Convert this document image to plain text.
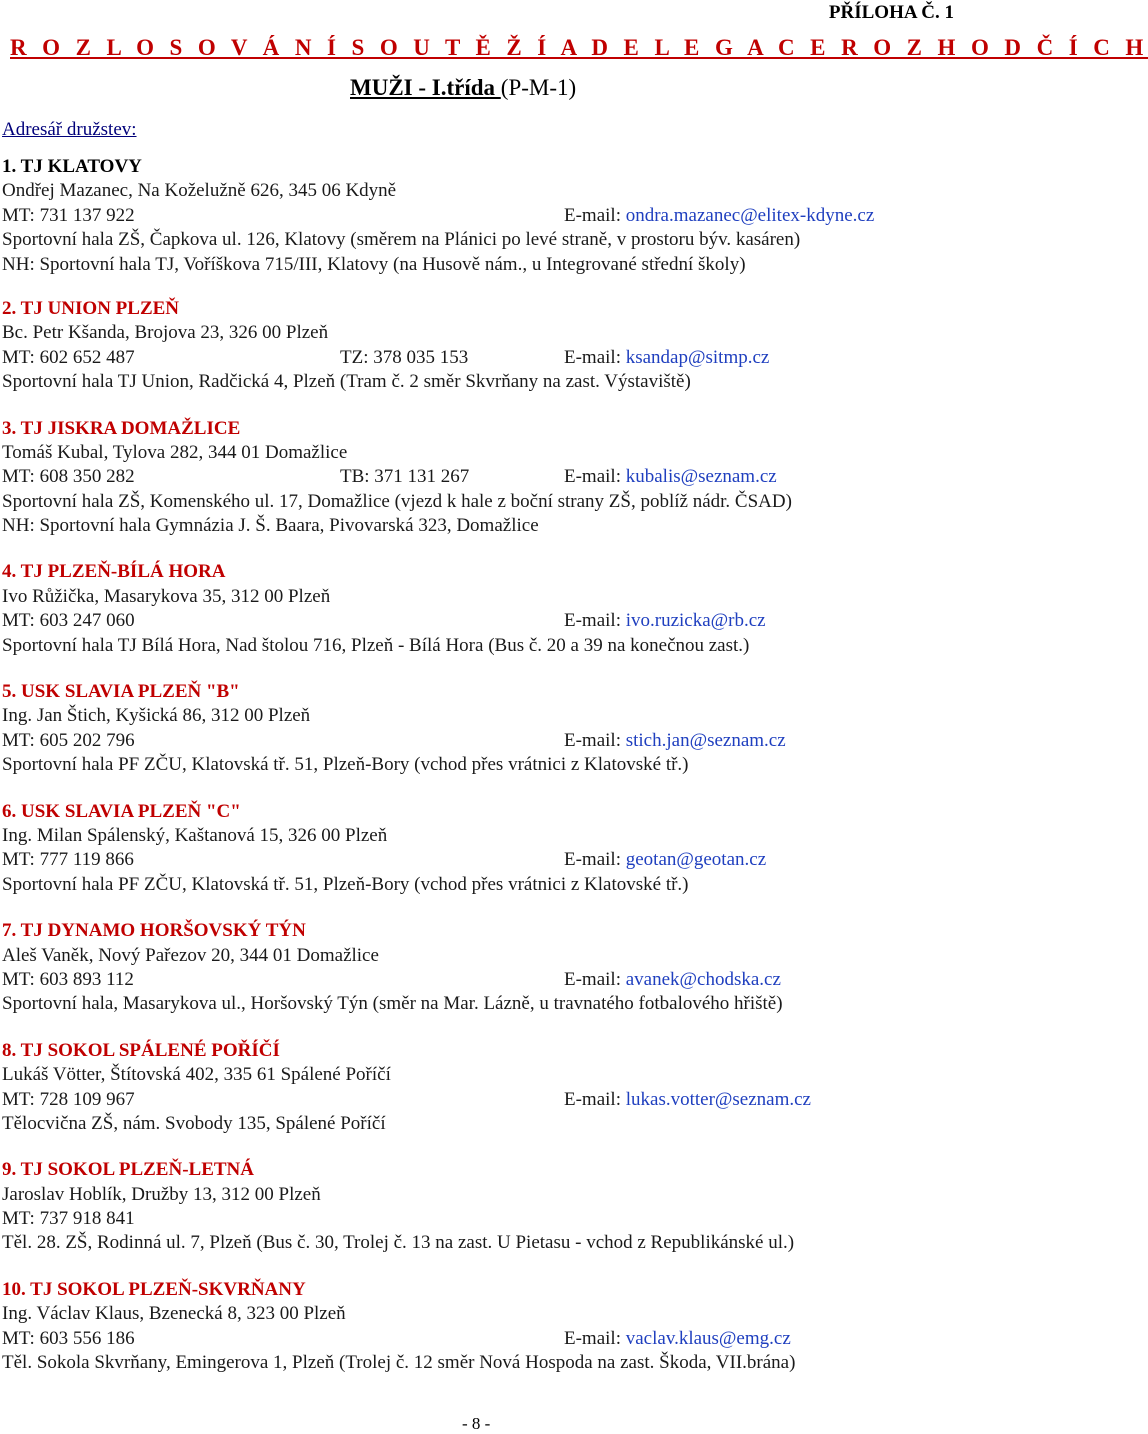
PŘÍLOHA Č. 1
R O Z L O S O V Á N Í S O U T Ě Ž Í A D E L E G A C E R O Z H O D Č Í C H
MUŽI - I.třída (P-M-1)
Adresář družstev:
1. TJ KLATOVY
Ondřej Mazanec, Na Koželužně 626, 345 06 Kdyně
MT: 731 137 922	E-mail: ondra.mazanec@elitex-kdyne.cz
Sportovní hala ZŠ, Čapkova ul. 126, Klatovy (směrem na Plánici po levé straně, v prostoru býv. kasáren)
NH: Sportovní hala TJ, Voříškova 715/III, Klatovy (na Husově nám., u Integrované střední školy)
2. TJ UNION PLZEŇ
Bc. Petr Kšanda, Brojova 23, 326 00 Plzeň
MT: 602 652 487	TZ: 378 035 153	E-mail: ksandap@sitmp.cz
Sportovní hala TJ Union, Radčická 4, Plzeň (Tram č. 2 směr Skvrňany na zast. Výstaviště)
3. TJ JISKRA DOMAŽLICE
Tomáš Kubal, Tylova 282, 344 01 Domažlice
MT: 608 350 282	TB: 371 131 267	E-mail: kubalis@seznam.cz
Sportovní hala ZŠ, Komenského ul. 17, Domažlice (vjezd k hale z boční strany ZŠ, poblíž nádr. ČSAD)
NH: Sportovní hala Gymnázia J. Š. Baara, Pivovarská 323, Domažlice
4. TJ PLZEŇ-BÍLÁ HORA
Ivo Růžička, Masarykova 35, 312 00 Plzeň
MT: 603 247 060	E-mail: ivo.ruzicka@rb.cz
Sportovní hala TJ Bílá Hora, Nad štolou 716, Plzeň - Bílá Hora (Bus č. 20 a 39 na konečnou zast.)
5. USK SLAVIA PLZEŇ "B"
Ing. Jan Štich, Kyšická 86, 312 00 Plzeň
MT: 605 202 796	E-mail: stich.jan@seznam.cz
Sportovní hala PF ZČU, Klatovská tř. 51, Plzeň-Bory (vchod přes vrátnici z Klatovské tř.)
6. USK SLAVIA PLZEŇ "C"
Ing. Milan Spálenský, Kaštanová 15, 326 00 Plzeň
MT: 777 119 866	E-mail: geotan@geotan.cz
Sportovní hala PF ZČU, Klatovská tř. 51, Plzeň-Bory (vchod přes vrátnici z Klatovské tř.)
7. TJ DYNAMO HORŠOVSKÝ TÝN
Aleš Vaněk, Nový Pařezov 20, 344 01 Domažlice
MT: 603 893 112	E-mail: avanek@chodska.cz
Sportovní hala, Masarykova ul., Horšovský Týn (směr na Mar. Lázně, u travnatého fotbalového hřiště)
8. TJ SOKOL SPÁLENÉ POŘÍČÍ
Lukáš Vötter, Štítovská 402, 335 61 Spálené Poříčí
MT: 728 109 967	E-mail: lukas.votter@seznam.cz
Tělocvična ZŠ, nám. Svobody 135, Spálené Poříčí
9. TJ SOKOL PLZEŇ-LETNÁ
Jaroslav Hoblík, Družby 13, 312 00 Plzeň
MT: 737 918 841
Těl. 28. ZŠ, Rodinná ul. 7, Plzeň (Bus č. 30, Trolej č. 13 na zast. U Pietasu - vchod z Republikánské ul.)
10. TJ SOKOL PLZEŇ-SKVRŇANY
Ing. Václav Klaus, Bzenecká 8, 323 00 Plzeň
MT: 603 556 186	E-mail: vaclav.klaus@emg.cz
Těl. Sokola Skvrňany, Emingerova 1, Plzeň (Trolej č. 12 směr Nová Hospoda na zast. Škoda, VII.brána)
- 8 -
